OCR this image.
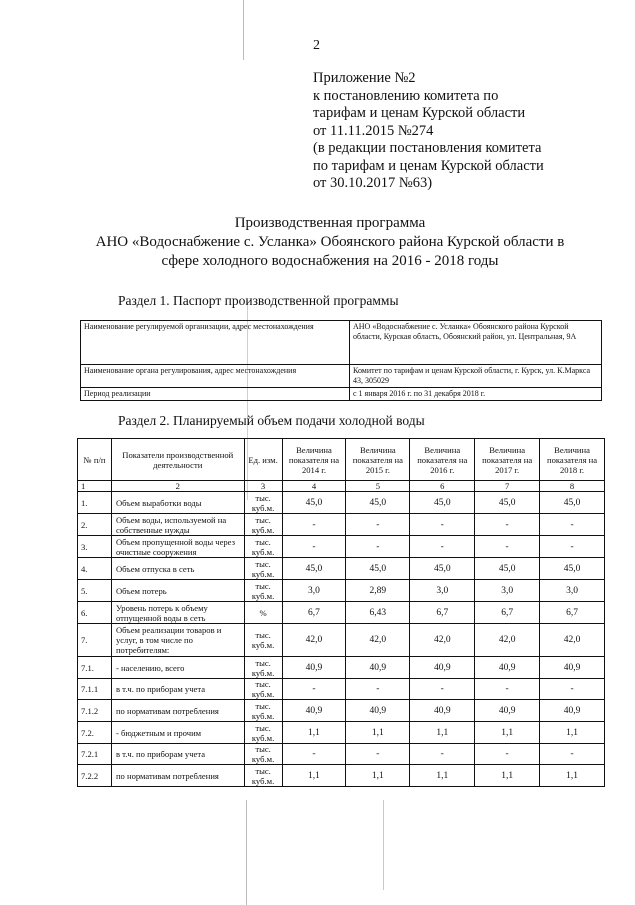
2
Приложение №2
к постановлению комитета по
тарифам и ценам Курской области
от 11.11.2015 №274
(в редакции постановления комитета
по тарифам и ценам Курской области
от 30.10.2017 №63)
Производственная программа
АНО «Водоснабжение с. Усланка» Обоянского района Курской области в
сфере холодного водоснабжения на 2016 - 2018 годы
Раздел 1. Паспорт производственной программы
Наименование регулируемой организации, адрес местонахождения	АНО «Водоснабжение с. Усланка» Обоянского района Курской области, Курская область, Обоянский район, ул. Центральная, 9А
Наименование органа регулирования, адрес местонахождения	Комитет по тарифам и ценам Курской области, г. Курск, ул. К.Маркса 43, 305029
Период реализации	с 1 января 2016 г. по 31 декабря 2018 г.
Раздел 2. Планируемый объем подачи холодной воды
№ п/п	Показатели производственной деятельности	Ед. изм.	Величина показателя на 2014 г.	Величина показателя на 2015 г.	Величина показателя на 2016 г.	Величина показателя на 2017 г.	Величина показателя на 2018 г.
1	2	3	4	5	6	7	8
1.	Объем выработки воды	тыс. куб.м.	45,0	45,0	45,0	45,0	45,0
2.	Объем воды, используемой на собственные нужды	тыс. куб.м.	-	-	-	-	-
3.	Объем пропущенной воды через очистные сооружения	тыс. куб.м.	-	-	-	-	-
4.	Объем отпуска в сеть	тыс. куб.м.	45,0	45,0	45,0	45,0	45,0
5.	Объем потерь	тыс. куб.м.	3,0	2,89	3,0	3,0	3,0
6.	Уровень потерь к объему отпущенной воды в сеть	%	6,7	6,43	6,7	6,7	6,7
7.	Объем реализации товаров и услуг, в том числе по потребителям:	тыс. куб.м.	42,0	42,0	42,0	42,0	42,0
7.1.	- населению, всего	тыс. куб.м.	40,9	40,9	40,9	40,9	40,9
7.1.1	в т.ч. по приборам учета	тыс. куб.м.	-	-	-	-	-
7.1.2	по нормативам потребления	тыс. куб.м.	40,9	40,9	40,9	40,9	40,9
7.2.	- бюджетным и прочим	тыс. куб.м.	1,1	1,1	1,1	1,1	1,1
7.2.1	в т.ч. по приборам учета	тыс. куб.м.	-	-	-	-	-
7.2.2	по нормативам потребления	тыс. куб.м.	1,1	1,1	1,1	1,1	1,1
